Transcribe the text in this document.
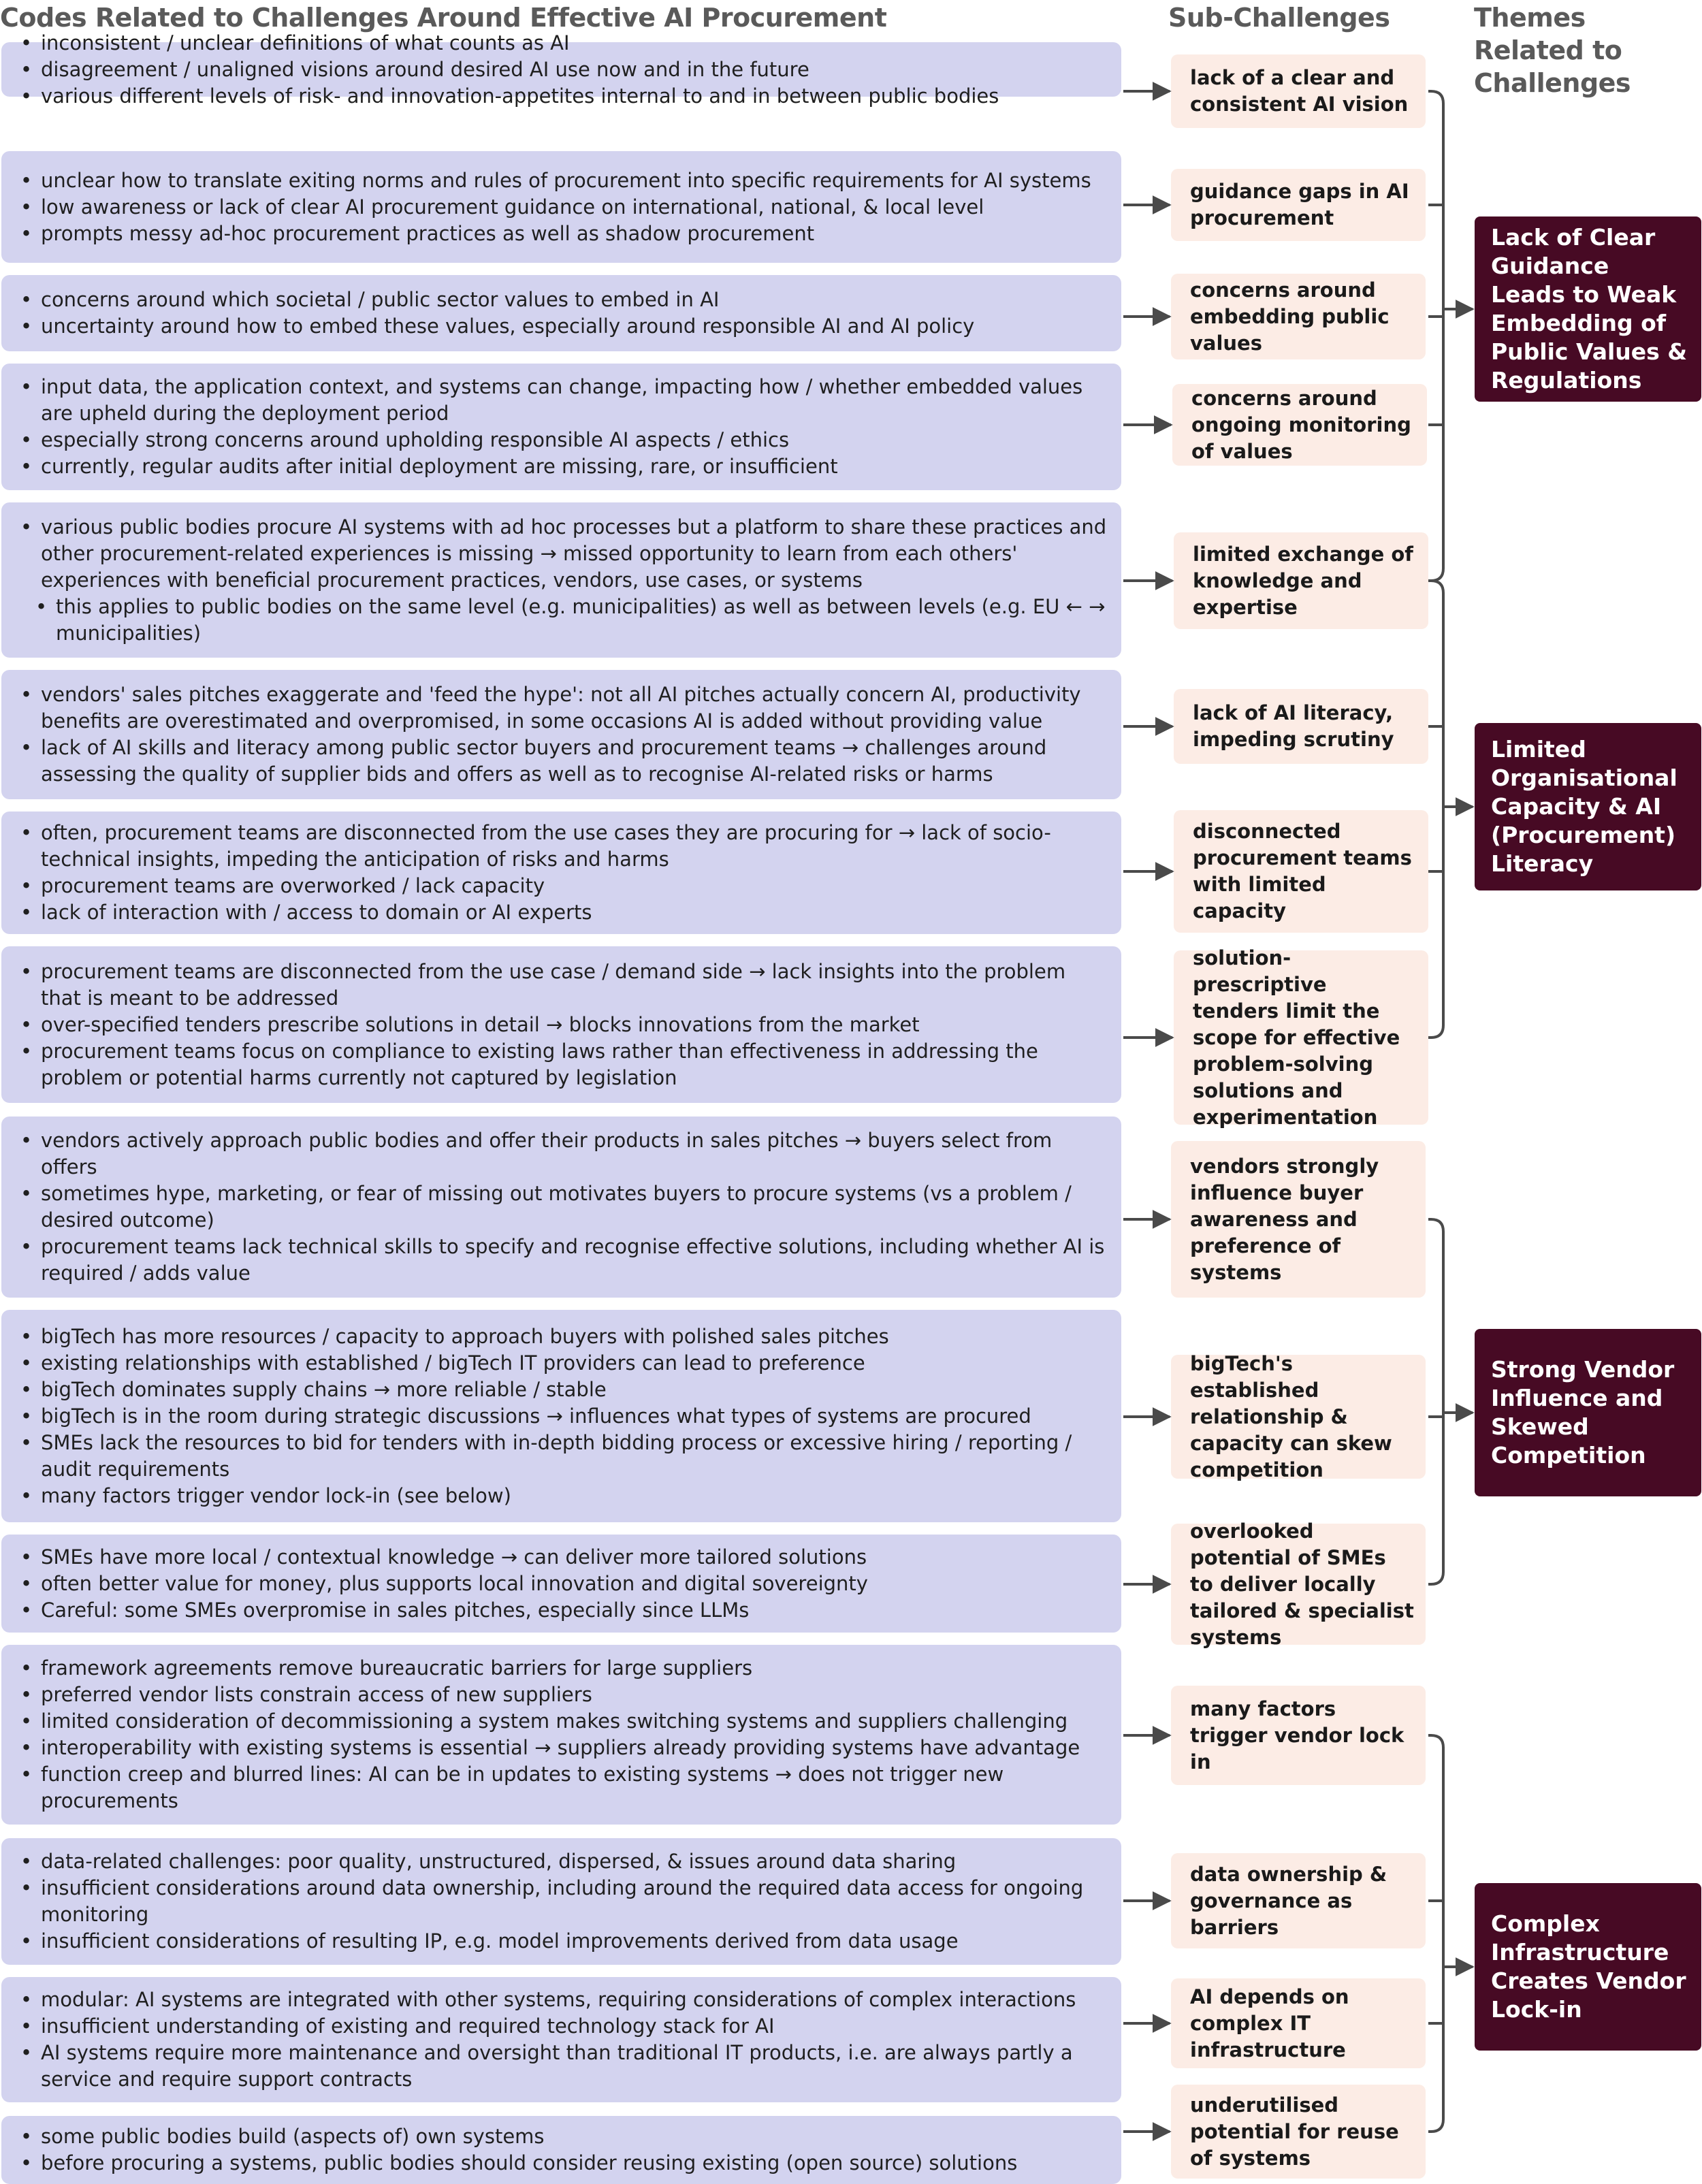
Codes Related to Challenges Around Effective AI Procurement	Sub-Challenges	Themes Related to Challenges
• inconsistent / unclear definitions of what counts as AI
• disagreement / unaligned visions around desired AI use now and in the future
• various different levels of risk- and innovation-appetites internal to and in between public bodies
• unclear how to translate exiting norms and rules of procurement into specific requirements for AI systems
• low awareness or lack of clear AI procurement guidance on international, national, & local level
• prompts messy ad-hoc procurement practices as well as shadow procurement
• concerns around which societal / public sector values to embed in AI
• uncertainty around how to embed these values, especially around responsible AI and AI policy
• input data, the application context, and systems can change, impacting how / whether embedded values are upheld during the deployment period
• especially strong concerns around upholding responsible AI aspects / ethics
• currently, regular audits after initial deployment are missing, rare, or insufficient
• various public bodies procure AI systems with ad hoc processes but a platform to share these practices and other procurement-related experiences is missing → missed opportunity to learn from each others' experiences with beneficial procurement practices, vendors, use cases, or systems
• this applies to public bodies on the same level (e.g. municipalities) as well as between levels (e.g. EU ← → municipalities)
• vendors' sales pitches exaggerate and 'feed the hype': not all AI pitches actually concern AI, productivity benefits are overestimated and overpromised, in some occasions AI is added without providing value
• lack of AI skills and literacy among public sector buyers and procurement teams → challenges around assessing the quality of supplier bids and offers as well as to recognise AI-related risks or harms
• often, procurement teams are disconnected from the use cases they are procuring for → lack of socio-technical insights, impeding the anticipation of risks and harms
• procurement teams are overworked / lack capacity
• lack of interaction with / access to domain or AI experts
• procurement teams are disconnected from the use case / demand side → lack insights into the problem that is meant to be addressed
• over-specified tenders prescribe solutions in detail → blocks innovations from the market
• procurement teams focus on compliance to existing laws rather than effectiveness in addressing the problem or potential harms currently not captured by legislation
• vendors actively approach public bodies and offer their products in sales pitches → buyers select from offers
• sometimes hype, marketing, or fear of missing out motivates buyers to procure systems (vs a problem / desired outcome)
• procurement teams lack technical skills to specify and recognise effective solutions, including whether AI is required / adds value
• bigTech has more resources / capacity to approach buyers with polished sales pitches
• existing relationships with established / bigTech IT providers can lead to preference
• bigTech dominates supply chains → more reliable / stable
• bigTech is in the room during strategic discussions → influences what types of systems are procured
• SMEs lack the resources to bid for tenders with in-depth bidding process or excessive hiring / reporting / audit requirements
• many factors trigger vendor lock-in (see below)
• SMEs have more local / contextual knowledge → can deliver more tailored solutions
• often better value for money, plus supports local innovation and digital sovereignty
• Careful: some SMEs overpromise in sales pitches, especially since LLMs
• framework agreements remove bureaucratic barriers for large suppliers
• preferred vendor lists constrain access of new suppliers
• limited consideration of decommissioning a system makes switching systems and suppliers challenging
• interoperability with existing systems is essential → suppliers already providing systems have advantage
• function creep and blurred lines: AI can be in updates to existing systems → does not trigger new procurements
• data-related challenges: poor quality, unstructured, dispersed, & issues around data sharing
• insufficient considerations around data ownership, including around the required data access for ongoing monitoring
• insufficient considerations of resulting IP, e.g. model improvements derived from data usage
• modular: AI systems are integrated with other systems, requiring considerations of complex interactions
• insufficient understanding of existing and required technology stack for AI
• AI systems require more maintenance and oversight than traditional IT products, i.e. are always partly a service and require support contracts
• some public bodies build (aspects of) own systems
• before procuring a systems, public bodies should consider reusing existing (open source) solutions
lack of a clear and consistent AI vision
guidance gaps in AI procurement
concerns around embedding public values
concerns around ongoing monitoring of values
limited exchange of knowledge and expertise
lack of AI literacy, impeding scrutiny
disconnected procurement teams with limited capacity
solution-prescriptive tenders limit the scope for effective problem-solving solutions and experimentation
vendors strongly influence buyer awareness and preference of systems
bigTech's established relationship & capacity can skew competition
overlooked potential of SMEs to deliver locally tailored & specialist systems
many factors trigger vendor lock in
data ownership & governance as barriers
AI depends on complex IT infrastructure
underutilised potential for reuse of systems
Lack of Clear Guidance Leads to Weak Embedding of Public Values & Regulations
Limited Organisational Capacity & AI (Procurement) Literacy
Strong Vendor Influence and Skewed Competition
Complex Infrastructure Creates Vendor Lock-in
